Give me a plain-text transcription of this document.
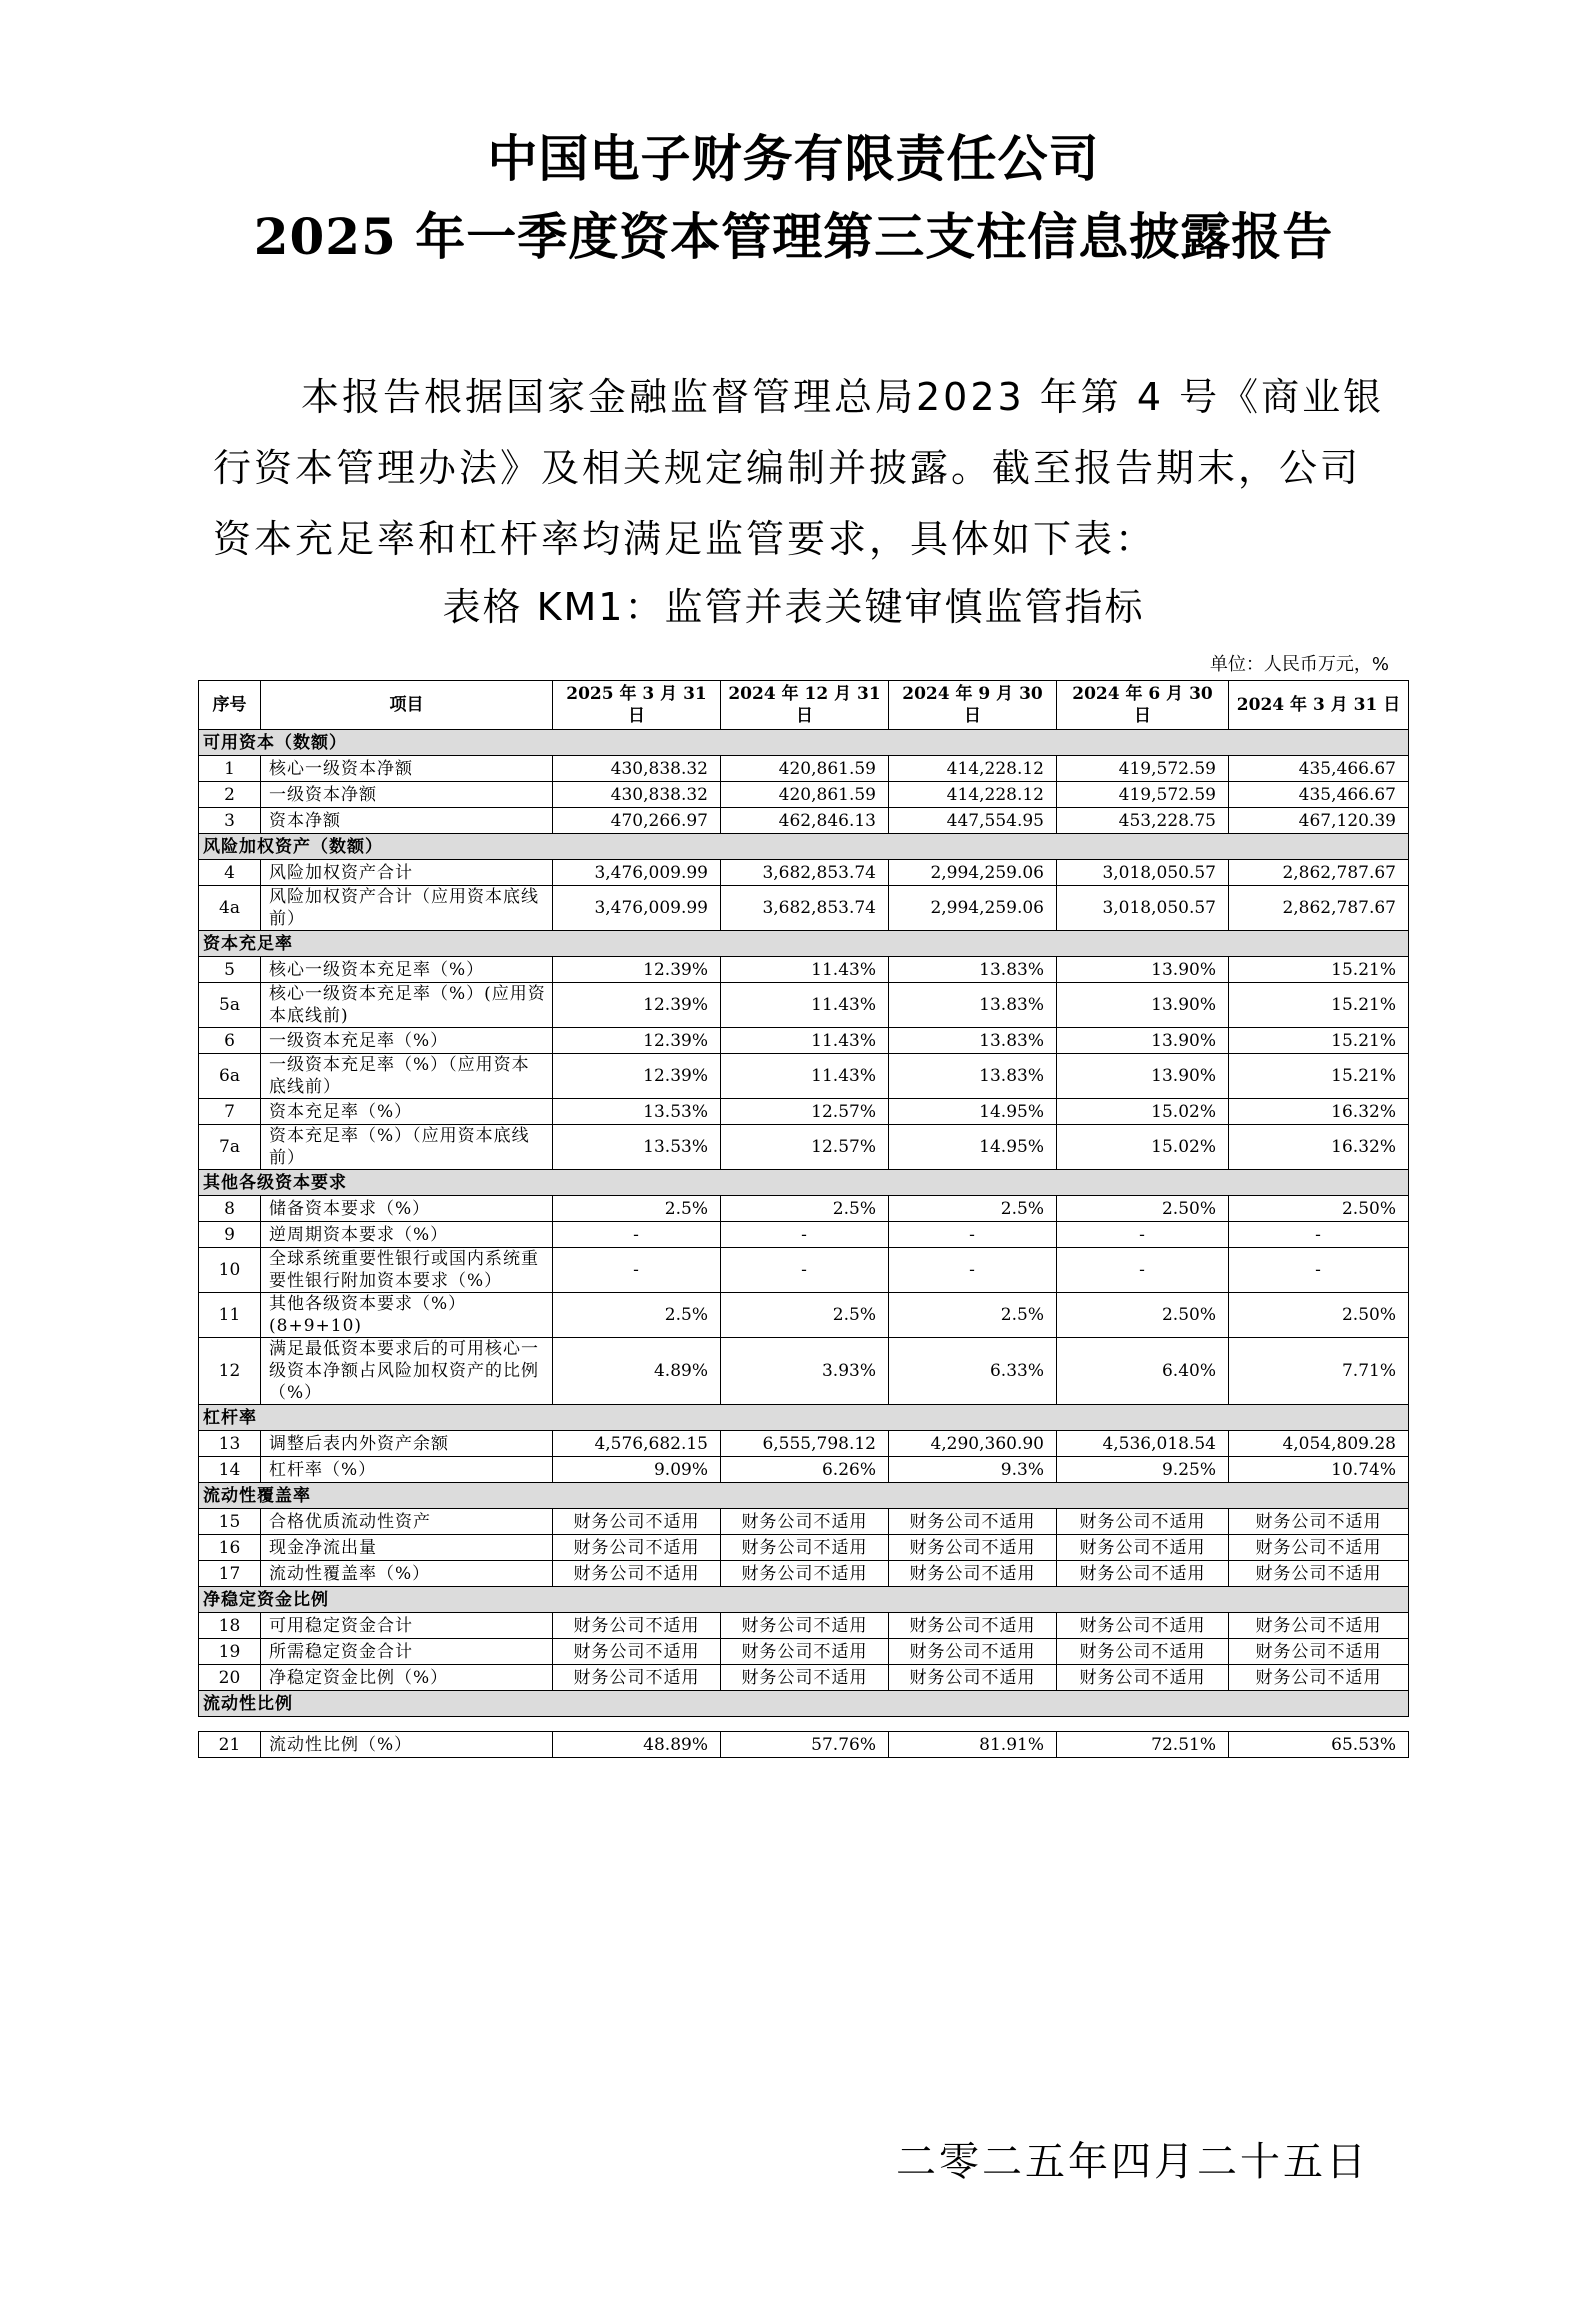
中国电子财务有限责任公司
2025 年一季度资本管理第三支柱信息披露报告
本报告根据国家金融监督管理总局2023 年第 4 号《商业银
行资本管理办法》及相关规定编制并披露。截至报告期末，公司
资本充足率和杠杆率均满足监管要求，具体如下表：
表格 KM1：监管并表关键审慎监管指标
单位：人民币万元，%
序号	项目	2025 年 3 月 31 日	2024 年 12 月 31 日	2024 年 9 月 30 日	2024 年 6 月 30 日	2024 年 3 月 31 日
可用资本（数额）						
1	核心一级资本净额	430,838.32	420,861.59	414,228.12	419,572.59	435,466.67
2	一级资本净额	430,838.32	420,861.59	414,228.12	419,572.59	435,466.67
3	资本净额	470,266.97	462,846.13	447,554.95	453,228.75	467,120.39
风险加权资产（数额）						
4	风险加权资产合计	3,476,009.99	3,682,853.74	2,994,259.06	3,018,050.57	2,862,787.67
4a	风险加权资产合计（应用资本底线前）	3,476,009.99	3,682,853.74	2,994,259.06	3,018,050.57	2,862,787.67
资本充足率						
5	核心一级资本充足率（%）	12.39%	11.43%	13.83%	13.90%	15.21%
5a	核心一级资本充足率（%）(应用资本底线前)	12.39%	11.43%	13.83%	13.90%	15.21%
6	一级资本充足率（%）	12.39%	11.43%	13.83%	13.90%	15.21%
6a	一级资本充足率（%）（应用资本底线前）	12.39%	11.43%	13.83%	13.90%	15.21%
7	资本充足率（%）	13.53%	12.57%	14.95%	15.02%	16.32%
7a	资本充足率（%）（应用资本底线前）	13.53%	12.57%	14.95%	15.02%	16.32%
其他各级资本要求						
8	储备资本要求（%）	2.5%	2.5%	2.5%	2.50%	2.50%
9	逆周期资本要求（%）	-	-	-	-	-
10	全球系统重要性银行或国内系统重要性银行附加资本要求（%）	-	-	-	-	-
11	其他各级资本要求（%）(8+9+10)	2.5%	2.5%	2.5%	2.50%	2.50%
12	满足最低资本要求后的可用核心一级资本净额占风险加权资产的比例（%）	4.89%	3.93%	6.33%	6.40%	7.71%
杠杆率						
13	调整后表内外资产余额	4,576,682.15	6,555,798.12	4,290,360.90	4,536,018.54	4,054,809.28
14	杠杆率（%）	9.09%	6.26%	9.3%	9.25%	10.74%
流动性覆盖率						
15	合格优质流动性资产	财务公司不适用	财务公司不适用	财务公司不适用	财务公司不适用	财务公司不适用
16	现金净流出量	财务公司不适用	财务公司不适用	财务公司不适用	财务公司不适用	财务公司不适用
17	流动性覆盖率（%）	财务公司不适用	财务公司不适用	财务公司不适用	财务公司不适用	财务公司不适用
净稳定资金比例						
18	可用稳定资金合计	财务公司不适用	财务公司不适用	财务公司不适用	财务公司不适用	财务公司不适用
19	所需稳定资金合计	财务公司不适用	财务公司不适用	财务公司不适用	财务公司不适用	财务公司不适用
20	净稳定资金比例（%）	财务公司不适用	财务公司不适用	财务公司不适用	财务公司不适用	财务公司不适用
流动性比例						

21	流动性比例（%）	48.89%	57.76%	81.91%	72.51%	65.53%
二零二五年四月二十五日
